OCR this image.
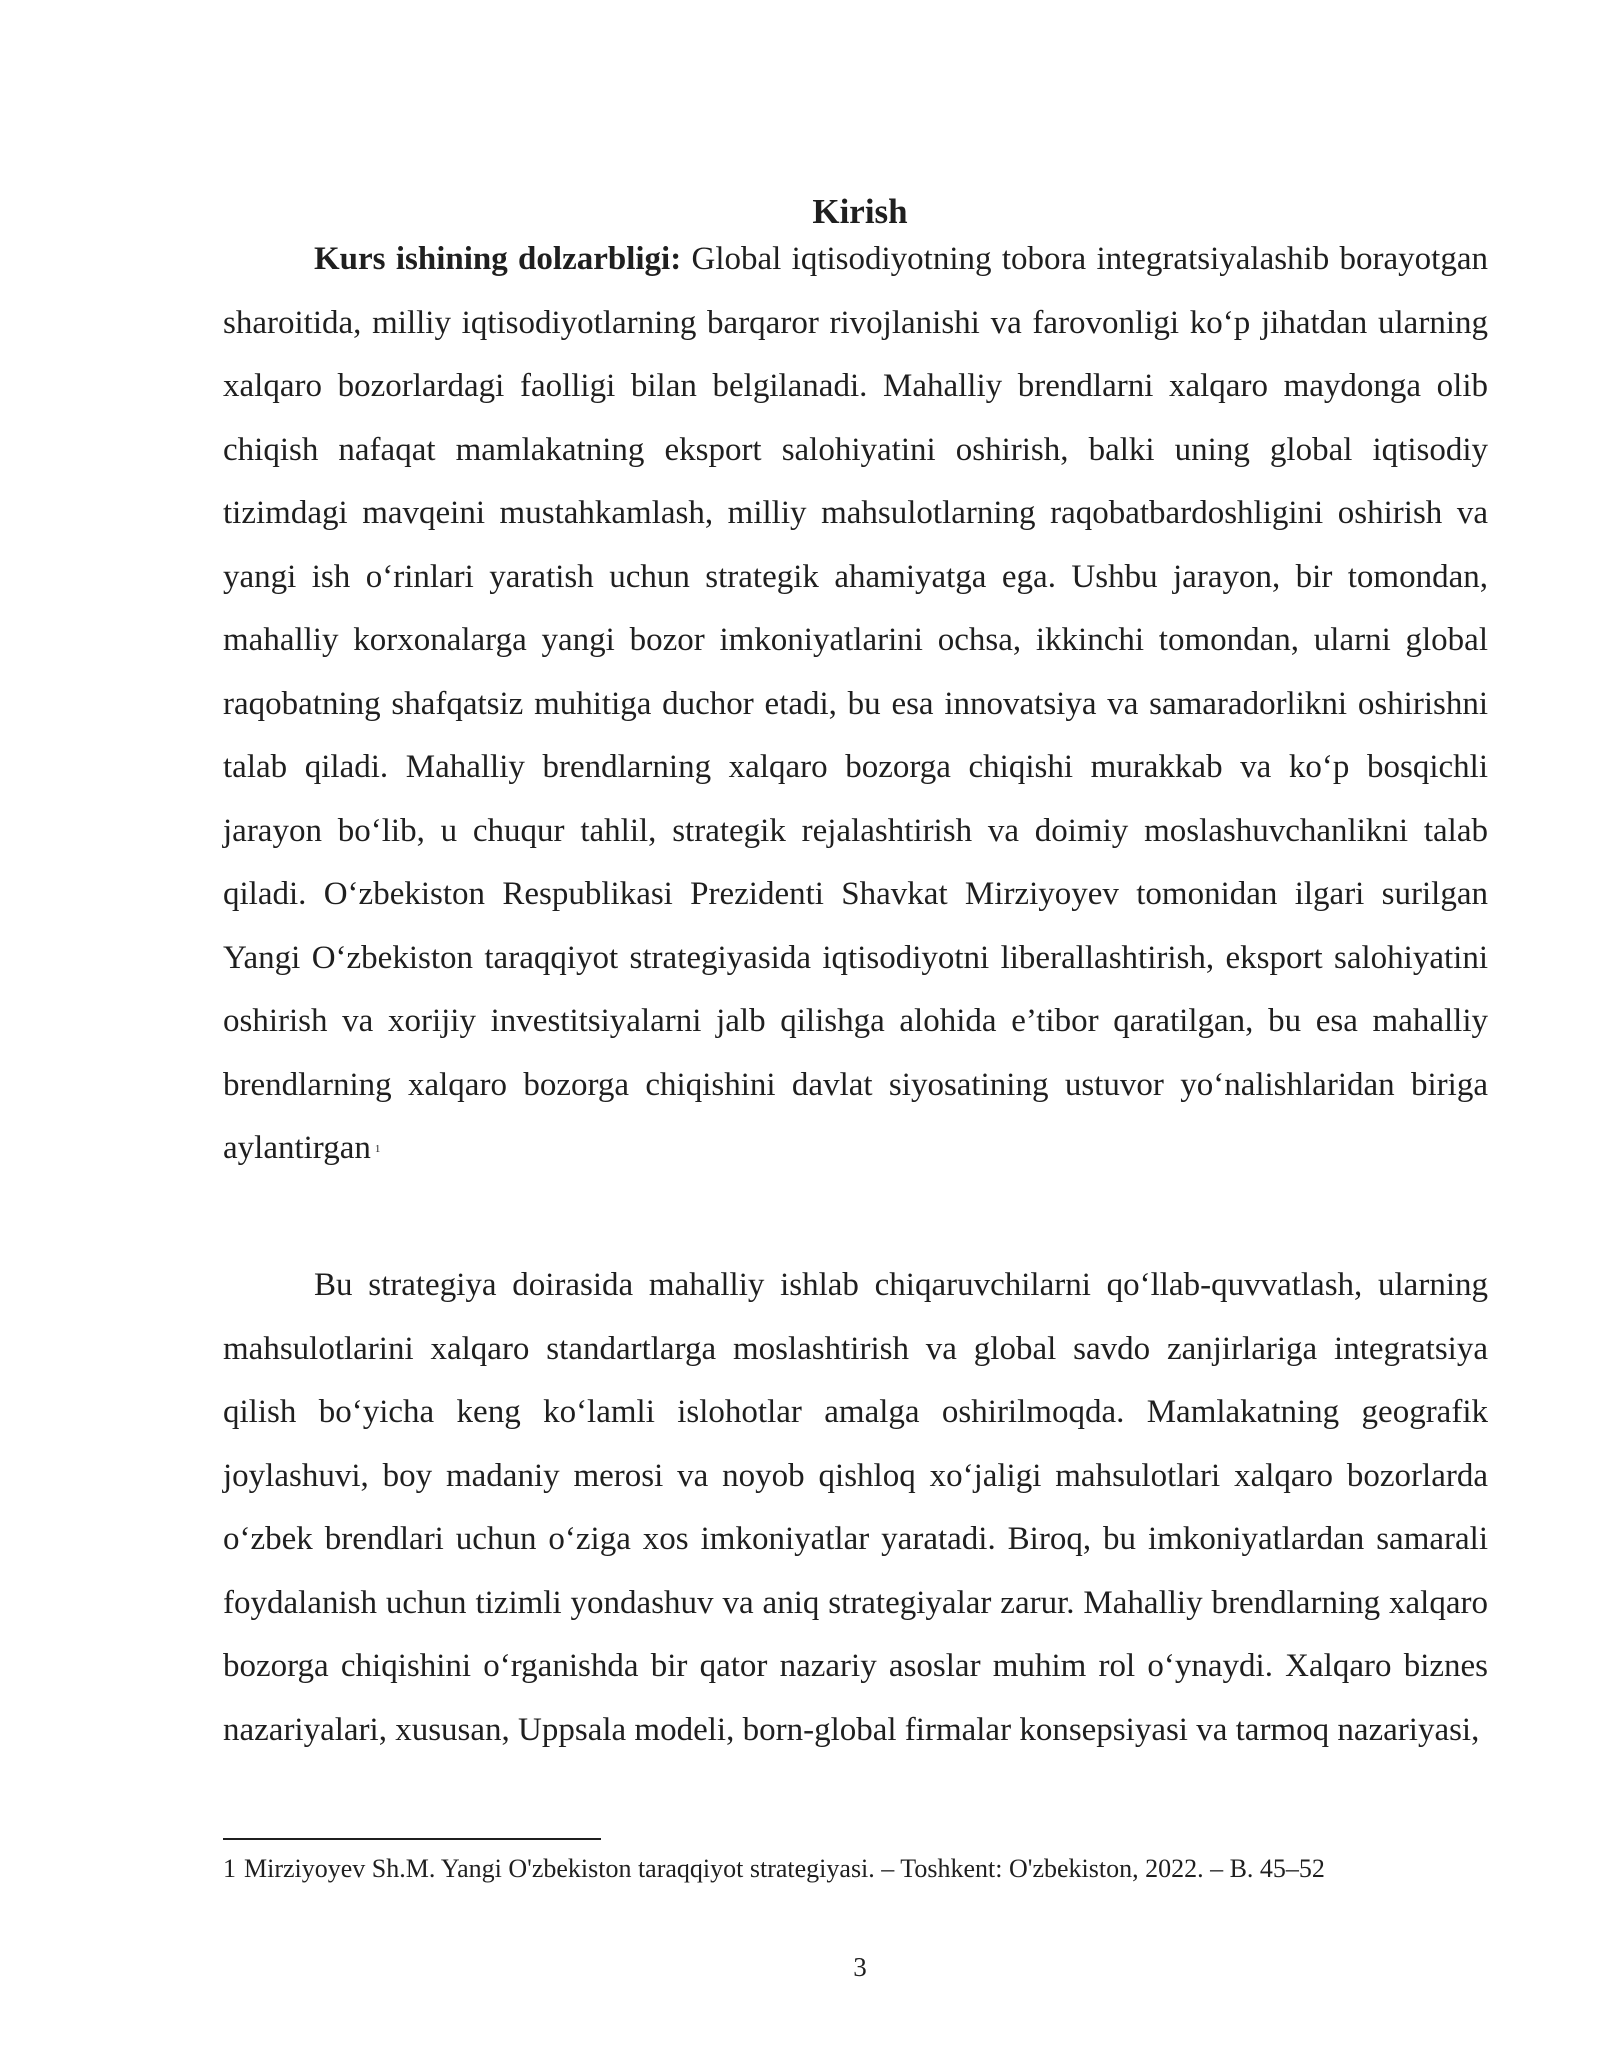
Kirish

Kurs ishining dolzarbligi: Global iqtisodiyotning tobora integratsiyalashib borayotgan sharoitida, milliy iqtisodiyotlarning barqaror rivojlanishi va farovonligi koʻp jihatdan ularning xalqaro bozorlardagi faolligi bilan belgilanadi. Mahalliy brendlarni xalqaro maydonga olib chiqish nafaqat mamlakatning eksport salohiyatini oshirish, balki uning global iqtisodiy tizimdagi mavqeini mustahkamlash, milliy mahsulotlarning raqobatbardoshligini oshirish va yangi ish oʻrinlari yaratish uchun strategik ahamiyatga ega. Ushbu jarayon, bir tomondan, mahalliy korxonalarga yangi bozor imkoniyatlarini ochsa, ikkinchi tomondan, ularni global raqobatning shafqatsiz muhitiga duchor etadi, bu esa innovatsiya va samaradorlikni oshirishni talab qiladi. Mahalliy brendlarning xalqaro bozorga chiqishi murakkab va koʻp bosqichli jarayon boʻlib, u chuqur tahlil, strategik rejalashtirish va doimiy moslashuvchanlikni talab qiladi. Oʻzbekiston Respublikasi Prezidenti Shavkat Mirziyoyev tomonidan ilgari surilgan Yangi Oʻzbekiston taraqqiyot strategiyasida iqtisodiyotni liberallashtirish, eksport salohiyatini oshirish va xorijiy investitsiyalarni jalb qilishga alohida e’tibor qaratilgan, bu esa mahalliy brendlarning xalqaro bozorga chiqishini davlat siyosatining ustuvor yoʻnalishlaridan biriga aylantirgan $^1$

Bu strategiya doirasida mahalliy ishlab chiqaruvchilarni qoʻllab-quvvatlash, ularning mahsulotlarini xalqaro standartlarga moslashtirish va global savdo zanjirlariga integratsiya qilish boʻyicha keng koʻlamli islohotlar amalga oshirilmoqda. Mamlakatning geografik joylashuvi, boy madaniy merosi va noyob qishloq xoʻjaligi mahsulotlari xalqaro bozorlarda oʻzbek brendlari uchun oʻziga xos imkoniyatlar yaratadi. Biroq, bu imkoniyatlardan samarali foydalanish uchun tizimli yondashuv va aniq strategiyalar zarur. Mahalliy brendlarning xalqaro bozorga chiqishini oʻrganishda bir qator nazariy asoslar muhim rol oʻynaydi. Xalqaro biznes nazariyalari, xususan, Uppsala modeli, born-global firmalar konsepsiyasi va tarmoq nazariyasi,

1 Mirziyoyev Sh.M. Yangi O'zbekiston taraqqiyot strategiyasi. – Toshkent: O'zbekiston, 2022. – B. 45–52

3
